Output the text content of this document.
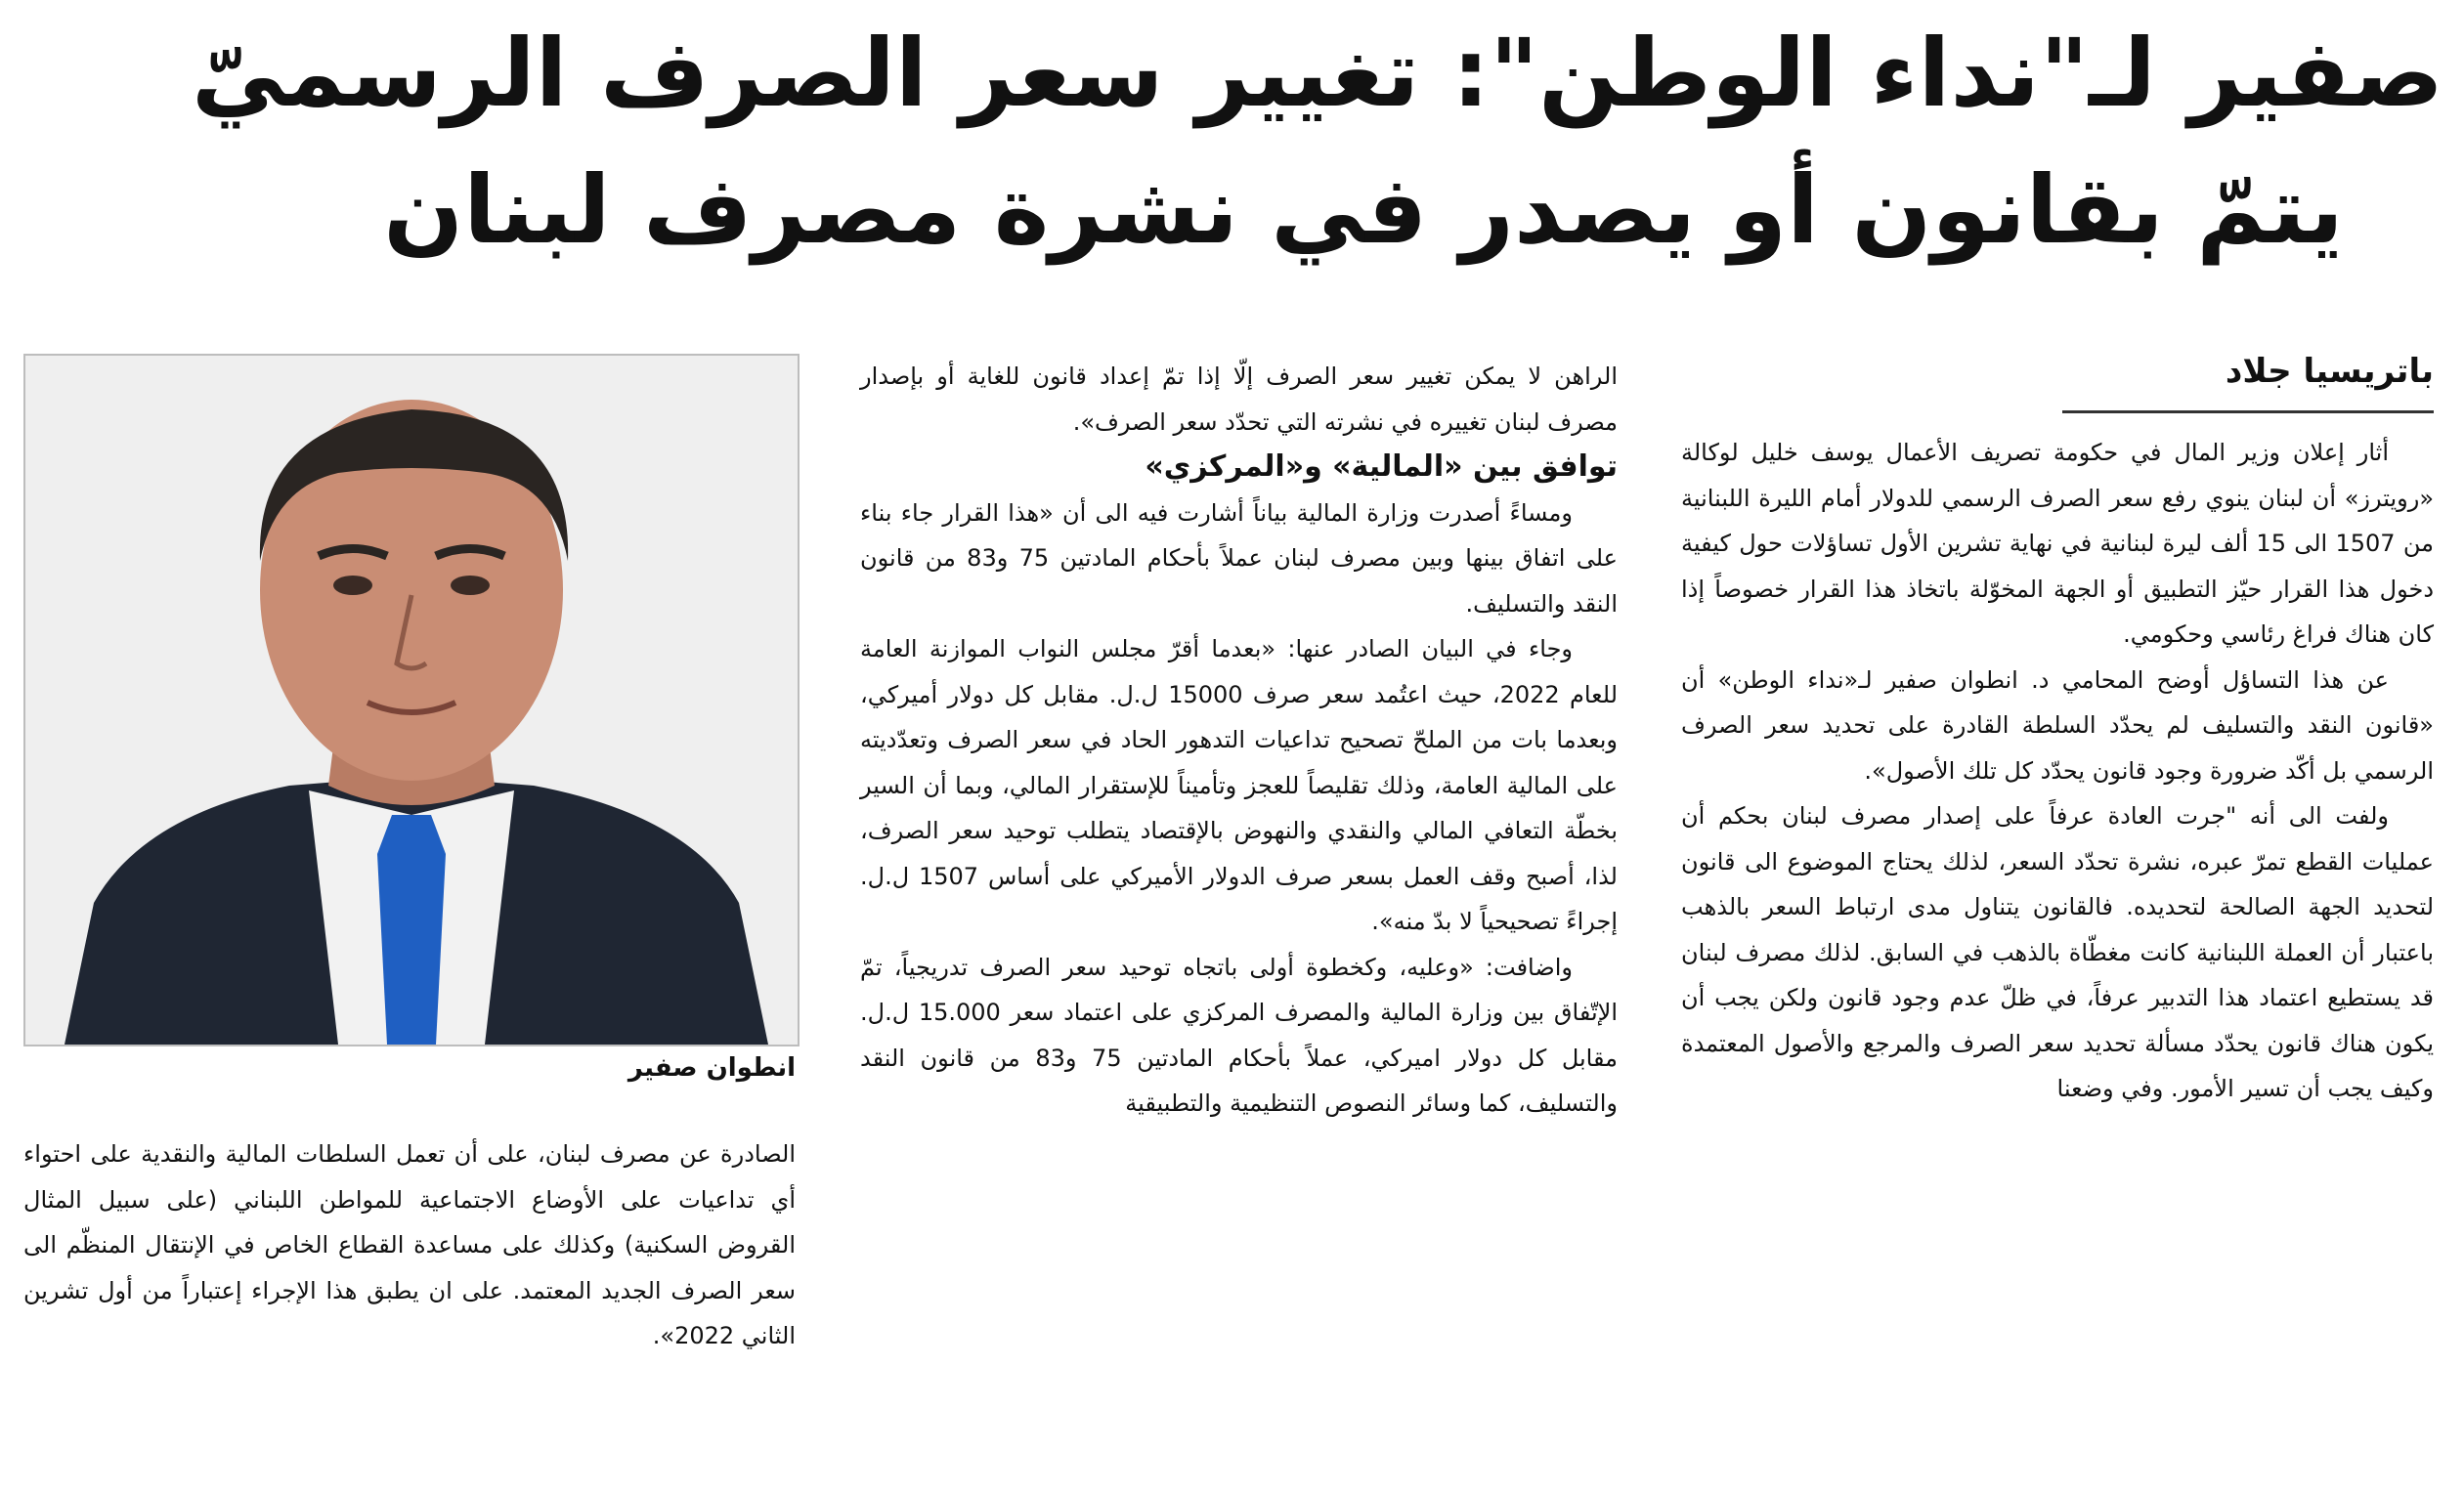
صفير لـ"نداء الوطن": تغيير سعر الصرف الرسميّ
يتمّ بقانون أو يصدر في نشرة مصرف لبنان
باتريسيا جلاد

أثار إعلان وزير المال في حكومة تصريف الأعمال يوسف خليل لوكالة «رويترز» أن لبنان ينوي رفع سعر الصرف الرسمي للدولار أمام الليرة اللبنانية من 1507 الى 15 ألف ليرة لبنانية في نهاية تشرين الأول تساؤلات حول كيفية دخول هذا القرار حيّز التطبيق أو الجهة المخوّلة باتخاذ هذا القرار خصوصاً إذا كان هناك فراغ رئاسي وحكومي.

عن هذا التساؤل أوضح المحامي د. انطوان صفير لـ«نداء الوطن» أن «قانون النقد والتسليف لم يحدّد السلطة القادرة على تحديد سعر الصرف الرسمي بل أكّد ضرورة وجود قانون يحدّد كل تلك الأصول».

ولفت الى أنه "جرت العادة عرفاً على إصدار مصرف لبنان بحكم أن عمليات القطع تمرّ عبره، نشرة تحدّد السعر، لذلك يحتاج الموضوع الى قانون لتحديد الجهة الصالحة لتحديده. فالقانون يتناول مدى ارتباط السعر بالذهب باعتبار أن العملة اللبنانية كانت مغطّاة بالذهب في السابق. لذلك مصرف لبنان قد يستطيع اعتماد هذا التدبير عرفاً، في ظلّ عدم وجود قانون ولكن يجب أن يكون هناك قانون يحدّد مسألة تحديد سعر الصرف والمرجع والأصول المعتمدة وكيف يجب أن تسير الأمور. وفي وضعنا

الراهن لا يمكن تغيير سعر الصرف إلّا إذا تمّ إعداد قانون للغاية أو بإصدار مصرف لبنان تغييره في نشرته التي تحدّد سعر الصرف».

توافق بين «المالية» و«المركزي»

ومساءً أصدرت وزارة المالية بياناً أشارت فيه الى أن «هذا القرار جاء بناء على اتفاق بينها وبين مصرف لبنان عملاً بأحكام المادتين 75 و83 من قانون النقد والتسليف.

وجاء في البيان الصادر عنها: «بعدما أقرّ مجلس النواب الموازنة العامة للعام 2022، حيث اعتُمد سعر صرف 15000 ل.ل. مقابل كل دولار أميركي، وبعدما بات من الملحّ تصحيح تداعيات التدهور الحاد في سعر الصرف وتعدّديته على المالية العامة، وذلك تقليصاً للعجز وتأميناً للإستقرار المالي، وبما أن السير بخطّة التعافي المالي والنقدي والنهوض بالإقتصاد يتطلب توحيد سعر الصرف، لذا، أصبح وقف العمل بسعر صرف الدولار الأميركي على أساس 1507 ل.ل. إجراءً تصحيحياً لا بدّ منه».

واضافت: «وعليه، وكخطوة أولى باتجاه توحيد سعر الصرف تدريجياً، تمّ الإتّفاق بين وزارة المالية والمصرف المركزي على اعتماد سعر 15.000 ل.ل. مقابل كل دولار اميركي، عملاً بأحكام المادتين 75 و83 من قانون النقد والتسليف، كما وسائر النصوص التنظيمية والتطبيقية

انطوان صفير

الصادرة عن مصرف لبنان، على أن تعمل السلطات المالية والنقدية على احتواء أي تداعيات على الأوضاع الاجتماعية للمواطن اللبناني (على سبيل المثال القروض السكنية) وكذلك على مساعدة القطاع الخاص في الإنتقال المنظّم الى سعر الصرف الجديد المعتمد. على ان يطبق هذا الإجراء إعتباراً من أول تشرين الثاني 2022».
